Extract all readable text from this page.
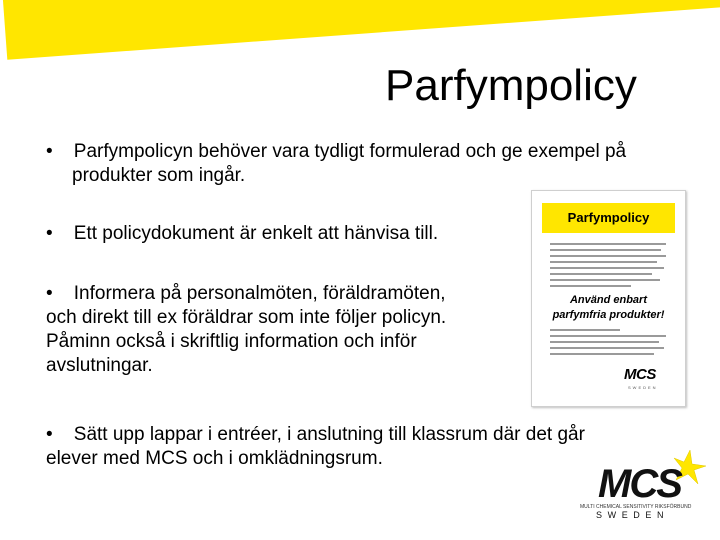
Parfympolicy
• Parfympolicyn behöver vara tydligt formulerad och ge exempel på
produkter som ingår.
• Ett policydokument är enkelt att hänvisa till.
• Informera på personalmöten, föräldramöten,
och direkt till ex föräldrar som inte följer policyn.
Påminn också i skriftlig information och inför
avslutningar.
• Sätt upp lappar i entréer, i anslutning till klassrum där det går
elever med MCS och i omklädningsrum.
Parfympolicy
Använd enbart
parfymfria produkter!
MCS
SWEDEN
MCS
MULTI CHEMICAL SENSITIVITY RIKSFÖRBUND
SWEDEN
